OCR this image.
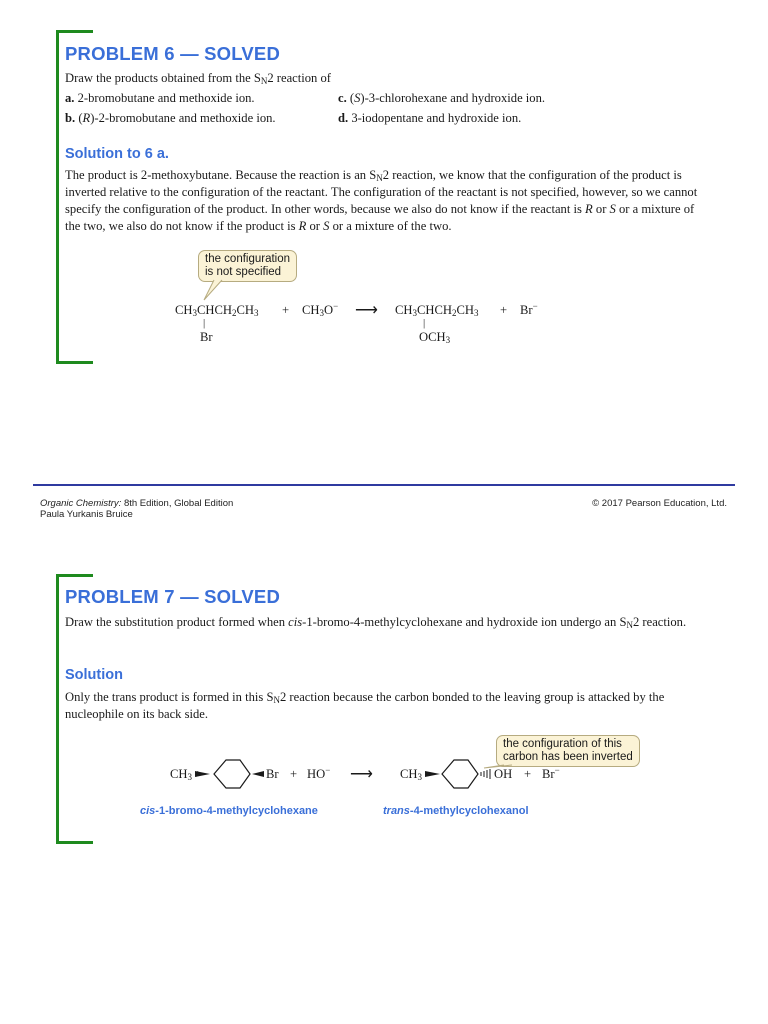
PROBLEM 6 — SOLVED
Draw the products obtained from the $S_N2$ reaction of
a. 2-bromobutane and methoxide ion.
b. (R)-2-bromobutane and methoxide ion.
c. (S)-3-chlorohexane and hydroxide ion.
d. 3-iodopentane and hydroxide ion.
Solution to 6 a.
The product is 2-methoxybutane. Because the reaction is an $S_N2$ reaction, we know that the configuration of the product is inverted relative to the configuration of the reactant. The configuration of the reactant is not specified, however, so we cannot specify the configuration of the product. In other words, because we also do not know if the reactant is R or S or a mixture of the two, we also do not know if the product is R or S or a mixture of the two.
the configuration
is not specified
$CH_3CHCH_2CH_3$
|
Br
+ $CH_3O^-$ ⟶ $CH_3CHCH_2CH_3$
|
$OCH_3$
+ Br−
Organic Chemistry: 8th Edition, Global Edition
Paula Yurkanis Bruice
© 2017 Pearson Education, Ltd.
PROBLEM 7 — SOLVED
Draw the substitution product formed when cis-1-bromo-4-methylcyclohexane and hydroxide ion undergo an $S_N2$ reaction.
Solution
Only the trans product is formed in this $S_N2$ reaction because the carbon bonded to the leaving group is attacked by the nucleophile on its back side.
the configuration of this
carbon has been inverted
$CH_3$	Br + HO− ⟶ $CH_3$	OH + Br−
cis-1-bromo-4-methylcyclohexane	trans-4-methylcyclohexanol
